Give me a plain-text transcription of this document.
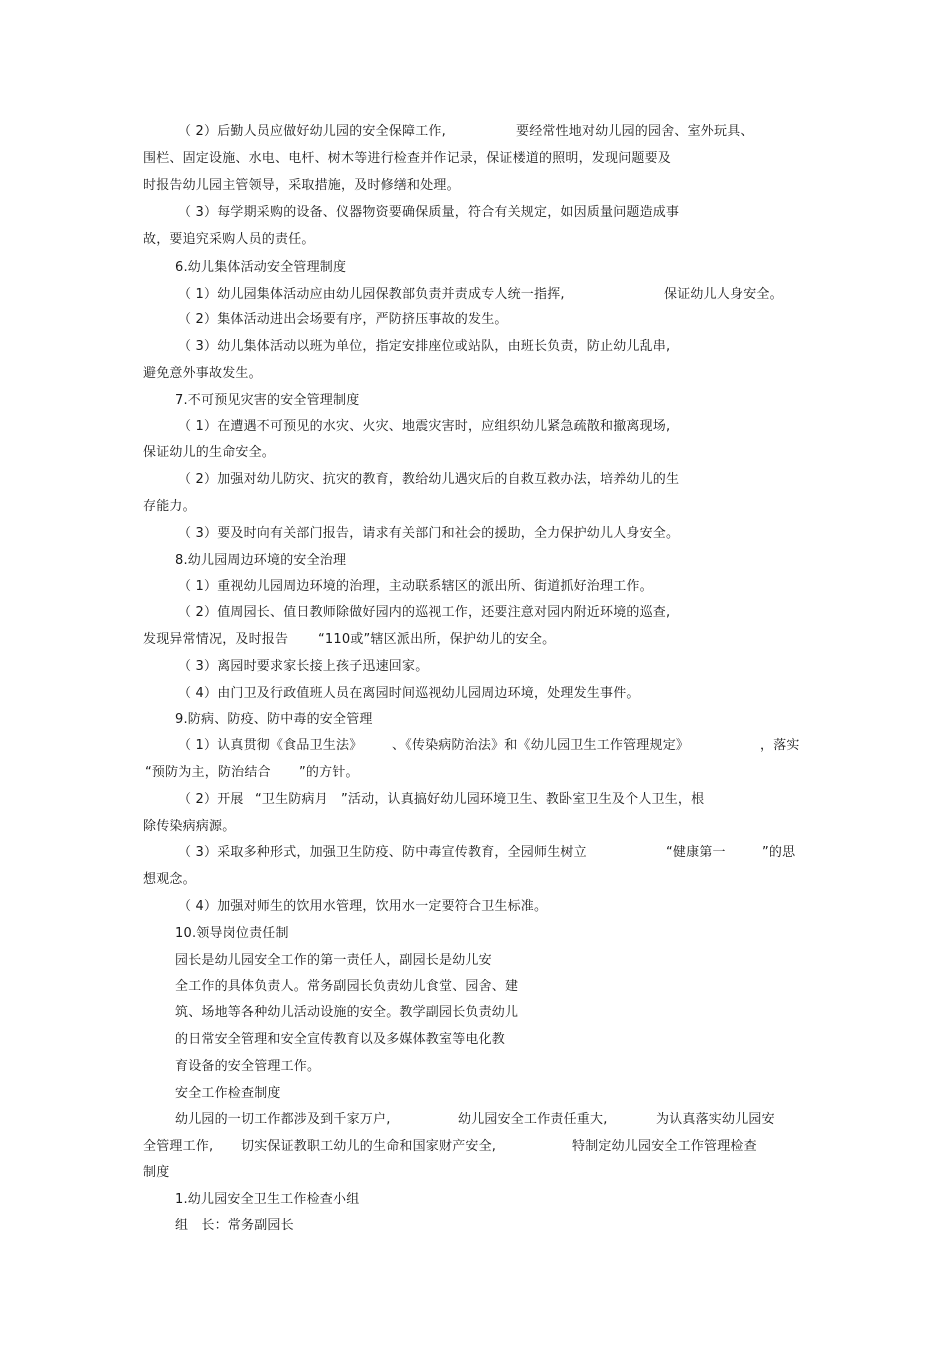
（ 2）后勤人员应做好幼儿园的安全保障工作,	要经常性地对幼儿园的园舍、室外玩具、
围栏、固定设施、水电、电杆、树木等进行检查并作记录，保证楼道的照明，发现问题要及
时报告幼儿园主管领导，采取措施，及时修缮和处理。
（ 3）每学期采购的设备、仪器物资要确保质量，符合有关规定，如因质量问题造成事
故，要追究采购人员的责任。
6.幼儿集体活动安全管理制度
（ 1）幼儿园集体活动应由幼儿园保教部负责并责成专人统一指挥,	保证幼儿人身安全。
（ 2）集体活动进出会场要有序，严防挤压事故的发生。
（ 3）幼儿集体活动以班为单位，指定安排座位或站队，由班长负责，防止幼儿乱串,
避免意外事故发生。
7.不可预见灾害的安全管理制度
（ 1）在遭遇不可预见的水灾、火灾、地震灾害时，应组织幼儿紧急疏散和撤离现场,
保证幼儿的生命安全。
（ 2）加强对幼儿防灾、抗灾的教育，教给幼儿遇灾后的自救互救办法，培养幼儿的生
存能力。
（ 3）要及时向有关部门报告，请求有关部门和社会的援助，全力保护幼儿人身安全。
8.幼儿园周边环境的安全治理
（ 1）重视幼儿园周边环境的治理，主动联系辖区的派出所、街道抓好治理工作。
（ 2）值周园长、值日教师除做好园内的巡视工作，还要注意对园内附近环境的巡查,
发现异常情况，及时报告 “110或”辖区派出所，保护幼儿的安全。
（ 3）离园时要求家长接上孩子迅速回家。
（ 4）由门卫及行政值班人员在离园时间巡视幼儿园周边环境，处理发生事件。
9.防病、防疫、防中毒的安全管理
（ 1）认真贯彻《食品卫生法》 、《传染病防治法》和《幼儿园卫生工作管理规定》	，落实
“预防为主，防治结合 ”的方针。
（ 2）开展 “卫生防病月 ”活动，认真搞好幼儿园环境卫生、教卧室卫生及个人卫生，根
除传染病病源。
（ 3）采取多种形式，加强卫生防疫、防中毒宣传教育，全园师生树立	“健康第一	”的思
想观念。
（ 4）加强对师生的饮用水管理，饮用水一定要符合卫生标准。
10.领导岗位责任制
园长是幼儿园安全工作的第一责任人，副园长是幼儿安
全工作的具体负责人。常务副园长负责幼儿食堂、园舍、建
筑、场地等各种幼儿活动设施的安全。教学副园长负责幼儿
的日常安全管理和安全宣传教育以及多媒体教室等电化教
育设备的安全管理工作。
安全工作检查制度
幼儿园的一切工作都涉及到千家万户,	幼儿园安全工作责任重大,	为认真落实幼儿园安
全管理工作, 切实保证教职工幼儿的生命和国家财产安全,	特制定幼儿园安全工作管理检查
制度
1.幼儿园安全卫生工作检查小组
组　长：常务副园长
